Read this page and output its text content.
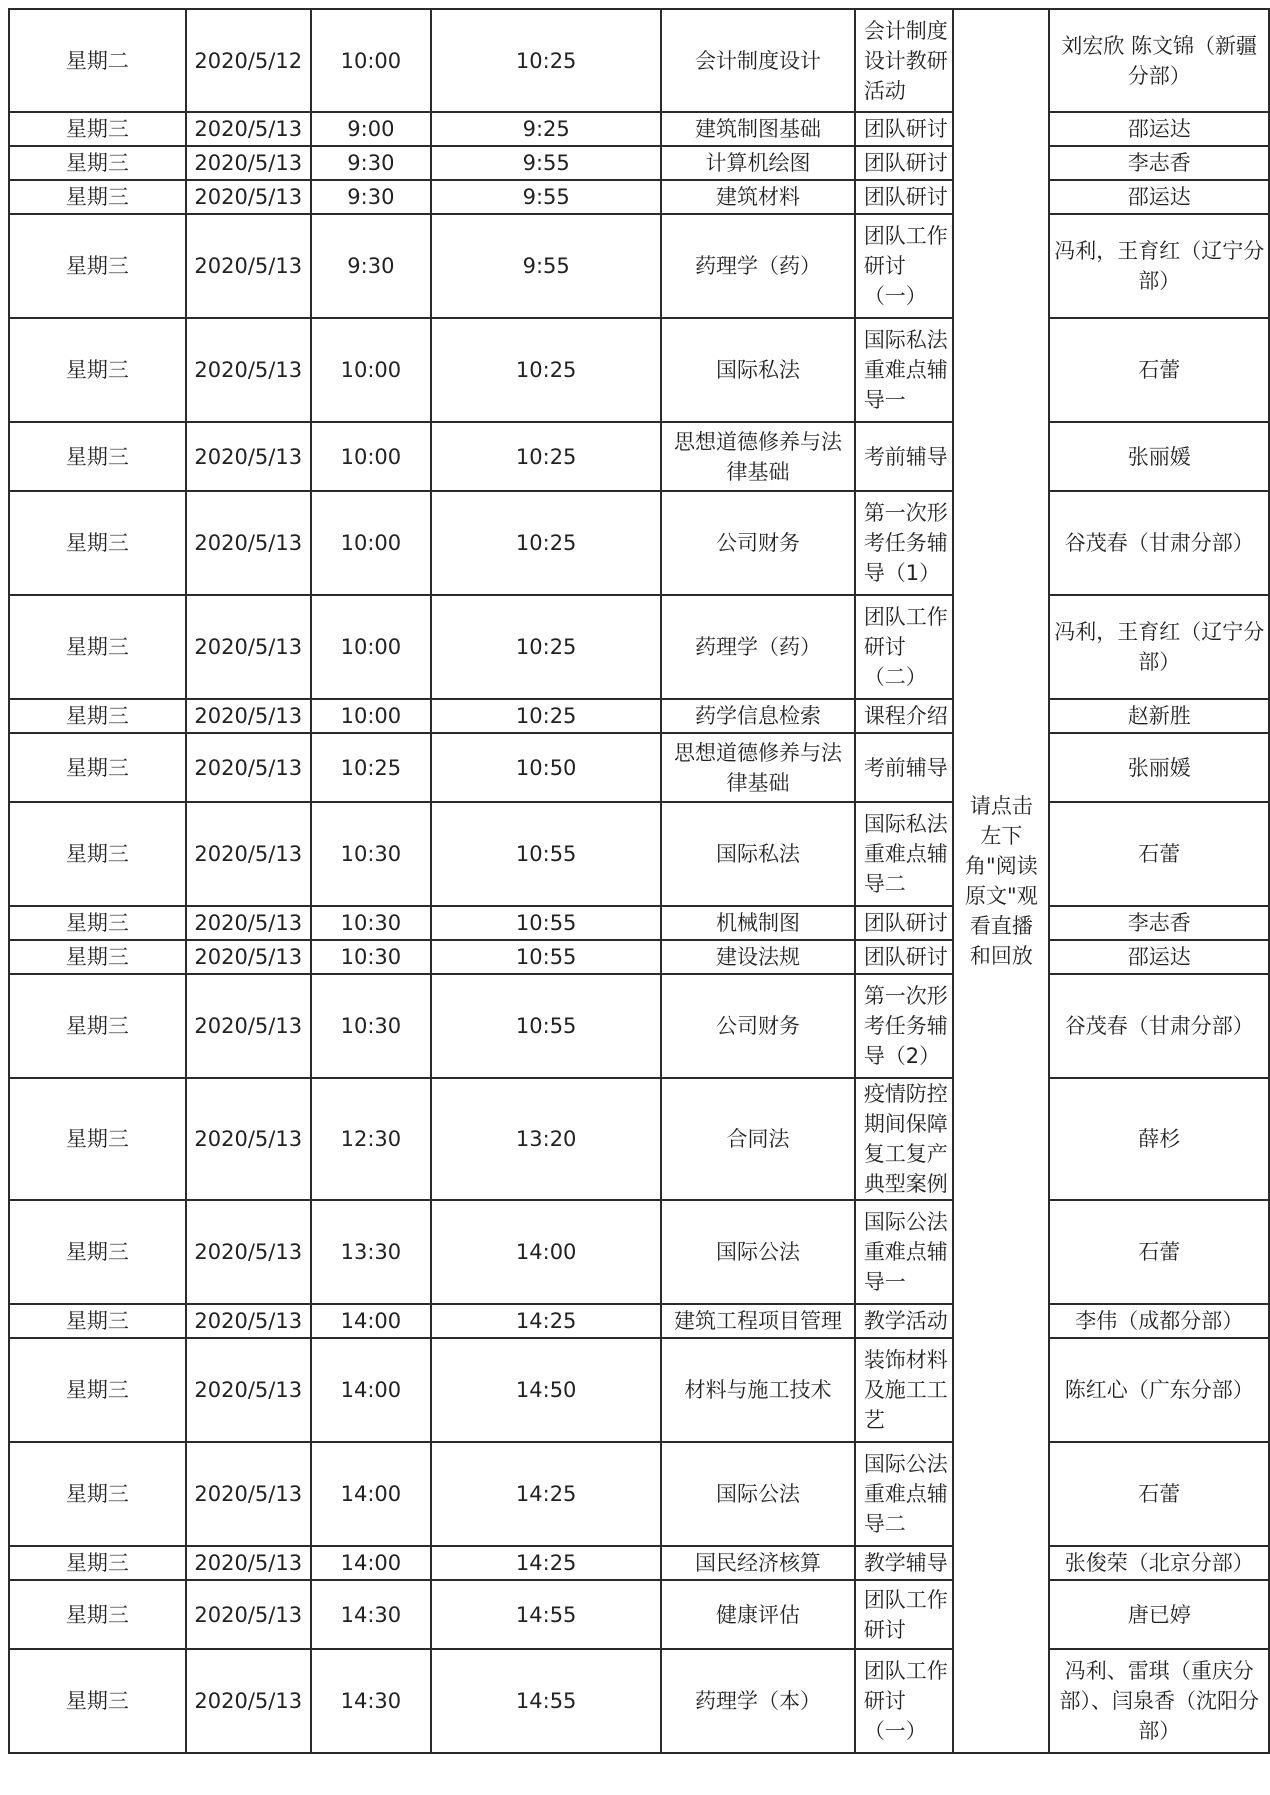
星期二	2020/5/12	10:00	10:25	会计制度设计	会计制度设计教研活动	请点击左下角"阅读原文"观看直播和回放	刘宏欣 陈文锦（新疆分部）
星期三	2020/5/13	9:00	9:25	建筑制图基础	团队研讨		邵运达
星期三	2020/5/13	9:30	9:55	计算机绘图	团队研讨		李志香
星期三	2020/5/13	9:30	9:55	建筑材料	团队研讨		邵运达
星期三	2020/5/13	9:30	9:55	药理学（药）	团队工作研讨（一）		冯利，王育红（辽宁分部）
星期三	2020/5/13	10:00	10:25	国际私法	国际私法重难点辅导一		石蕾
星期三	2020/5/13	10:00	10:25	思想道德修养与法律基础	考前辅导		张丽媛
星期三	2020/5/13	10:00	10:25	公司财务	第一次形考任务辅导（1）		谷茂春（甘肃分部）
星期三	2020/5/13	10:00	10:25	药理学（药）	团队工作研讨（二）		冯利，王育红（辽宁分部）
星期三	2020/5/13	10:00	10:25	药学信息检索	课程介绍		赵新胜
星期三	2020/5/13	10:25	10:50	思想道德修养与法律基础	考前辅导		张丽媛
星期三	2020/5/13	10:30	10:55	国际私法	国际私法重难点辅导二		石蕾
星期三	2020/5/13	10:30	10:55	机械制图	团队研讨		李志香
星期三	2020/5/13	10:30	10:55	建设法规	团队研讨		邵运达
星期三	2020/5/13	10:30	10:55	公司财务	第一次形考任务辅导（2）		谷茂春（甘肃分部）
星期三	2020/5/13	12:30	13:20	合同法	疫情防控期间保障复工复产典型案例		薛杉
星期三	2020/5/13	13:30	14:00	国际公法	国际公法重难点辅导一		石蕾
星期三	2020/5/13	14:00	14:25	建筑工程项目管理	教学活动		李伟（成都分部）
星期三	2020/5/13	14:00	14:50	材料与施工技术	装饰材料及施工工艺		陈红心（广东分部）
星期三	2020/5/13	14:00	14:25	国际公法	国际公法重难点辅导二		石蕾
星期三	2020/5/13	14:00	14:25	国民经济核算	教学辅导		张俊荣（北京分部）
星期三	2020/5/13	14:30	14:55	健康评估	团队工作研讨		唐已婷
星期三	2020/5/13	14:30	14:55	药理学（本）	团队工作研讨（一）		冯利、雷琪（重庆分部）、闫泉香（沈阳分部）
